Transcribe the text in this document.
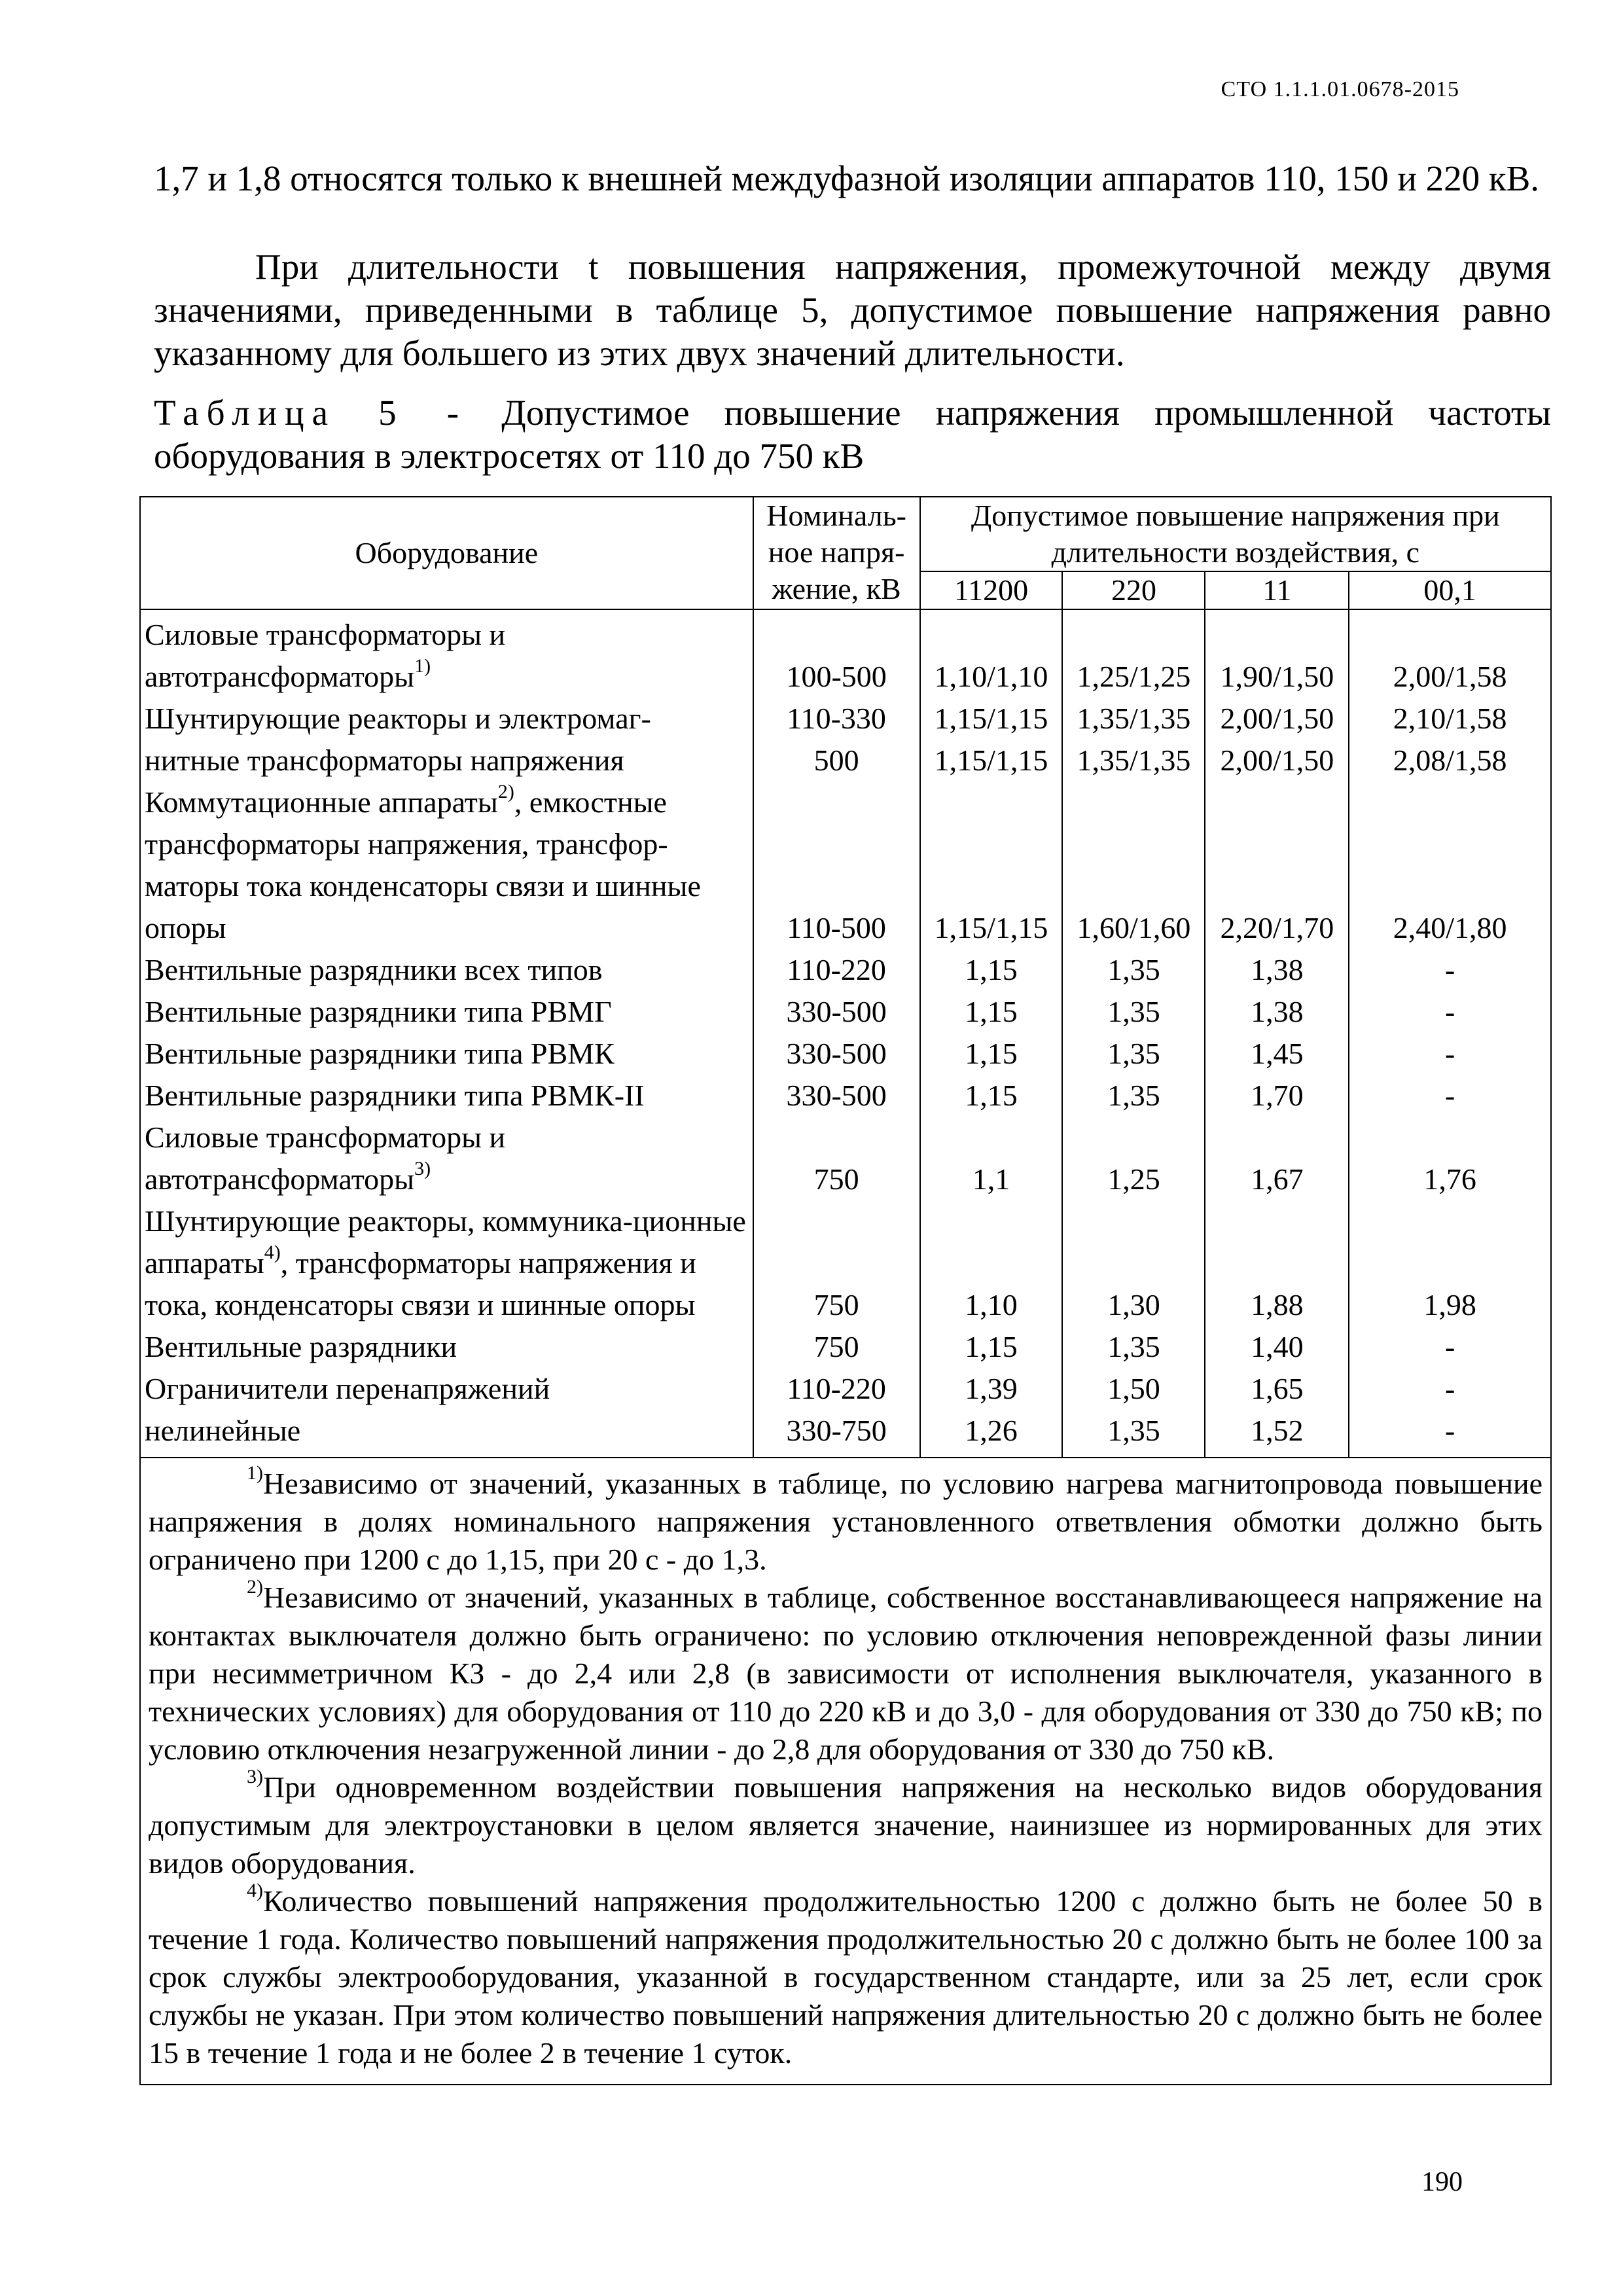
СТО 1.1.1.01.0678-2015
1,7 и 1,8 относятся только к внешней междуфазной изоляции аппаратов 110, 150 и 220 кВ.
При длительности t повышения напряжения, промежуточной между двумя значениями, приведенными в таблице 5, допустимое повышение напряжения равно указанному для большего из этих двух значений длительности.
Таблица 5 - Допустимое повышение напряжения промышленной частоты оборудования в электросетях от 110 до 750 кВ
Оборудование	Номиналь-ное напря-жение, кВ	Допустимое повышение напряжения при длительности воздействия, с			
		11200	220	11	00,1
Силовые трансформаторы и автотрансформаторы$^{1)}$	100-500	1,10/1,10	1,25/1,25	1,90/1,50	2,00/1,58
Шунтирующие реакторы и электромаг-	110-330	1,15/1,15	1,35/1,35	2,00/1,50	2,10/1,58
нитные трансформаторы напряжения	500	1,15/1,15	1,35/1,35	2,00/1,50	2,08/1,58
Коммутационные аппараты$^{2)}$, емкостные трансформаторы напряжения, трансфор-маторы тока конденсаторы связи и шинные опоры	110-500	1,15/1,15	1,60/1,60	2,20/1,70	2,40/1,80
Вентильные разрядники всех типов	110-220	1,15	1,35	1,38	-
Вентильные разрядники типа РВМГ	330-500	1,15	1,35	1,38	-
Вентильные разрядники типа РВМК	330-500	1,15	1,35	1,45	-
Вентильные разрядники типа РВМК-II	330-500	1,15	1,35	1,70	-
Силовые трансформаторы и автотрансформаторы$^{3)}$	750	1,1	1,25	1,67	1,76
Шунтирующие реакторы, коммуника-ционные аппараты$^{4)}$, трансформаторы напряжения и тока, конденсаторы связи и шинные опоры	750	1,10	1,30	1,88	1,98
Вентильные разрядники	750	1,15	1,35	1,40	-
Ограничители перенапряжений	110-220	1,39	1,50	1,65	-
нелинейные	330-750	1,26	1,35	1,52	-

$^{1)}$Независимо от значений, указанных в таблице, по условию нагрева магнитопровода повышение напряжения в долях номинального напряжения установленного ответвления обмотки должно быть ограничено при 1200 с до 1,15, при 20 с - до 1,3.

$^{2)}$Независимо от значений, указанных в таблице, собственное восстанавливающееся напряжение на контактах выключателя должно быть ограничено: по условию отключения неповрежденной фазы линии при несимметричном КЗ - до 2,4 или 2,8 (в зависимости от исполнения выключателя, указанного в технических условиях) для оборудования от 110 до 220 кВ и до 3,0 - для оборудования от 330 до 750 кВ; по условию отключения незагруженной линии - до 2,8 для оборудования от 330 до 750 кВ.

$^{3)}$При одновременном воздействии повышения напряжения на несколько видов оборудования допустимым для электроустановки в целом является значение, наинизшее из нормированных для этих видов оборудования.

$^{4)}$Количество повышений напряжения продолжительностью 1200 с должно быть не более 50 в течение 1 года. Количество повышений напряжения продолжительностью 20 с должно быть не более 100 за срок службы электрооборудования, указанной в государственном стандарте, или за 25 лет, если срок службы не указан. При этом количество повышений напряжения длительностью 20 с должно быть не более 15 в течение 1 года и не более 2 в течение 1 суток.					

190
